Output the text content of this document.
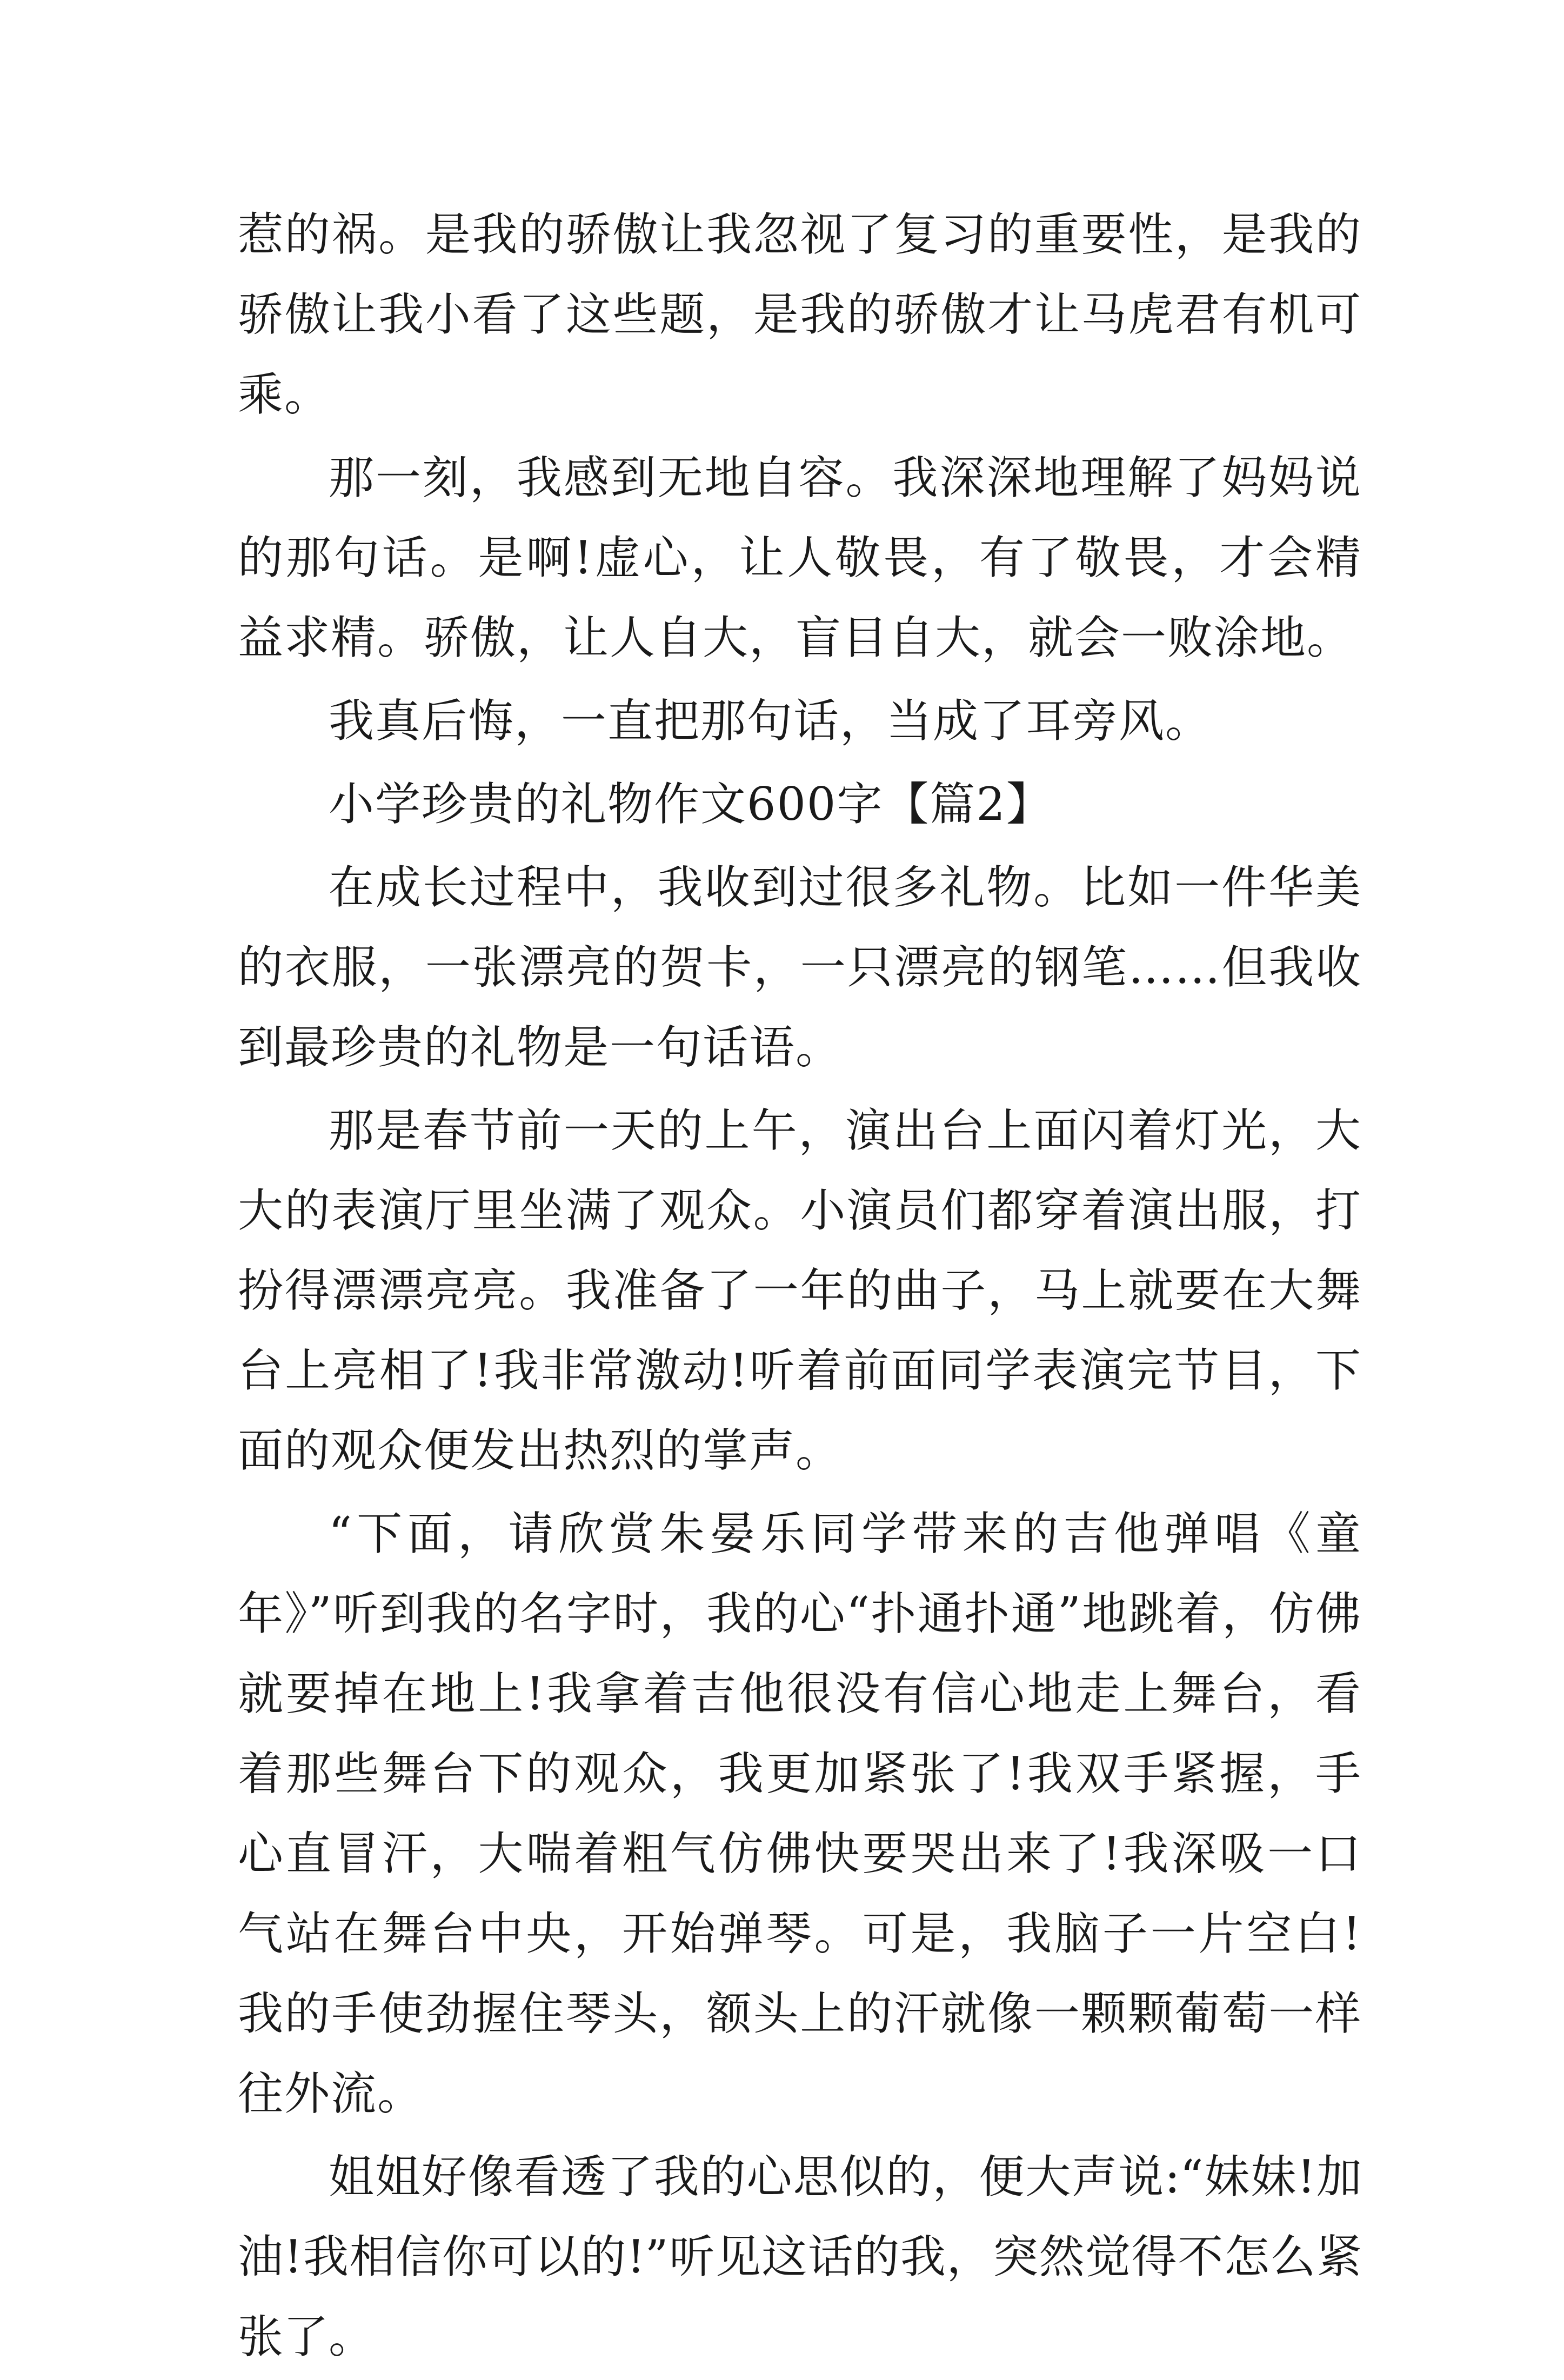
惹的祸。是我的骄傲让我忽视了复习的重要性，是我的骄傲让我小看了这些题，是我的骄傲才让马虎君有机可乘。

那一刻，我感到无地自容。我深深地理解了妈妈说的那句话。是啊!虚心，让人敬畏，有了敬畏，才会精益求精。骄傲，让人自大，盲目自大，就会一败涂地。

我真后悔，一直把那句话，当成了耳旁风。

小学珍贵的礼物作文600字【篇2】

在成长过程中，我收到过很多礼物。比如一件华美的衣服，一张漂亮的贺卡，一只漂亮的钢笔……但我收到最珍贵的礼物是一句话语。

那是春节前一天的上午，演出台上面闪着灯光，大大的表演厅里坐满了观众。小演员们都穿着演出服，打扮得漂漂亮亮。我准备了一年的曲子，马上就要在大舞台上亮相了!我非常激动!听着前面同学表演完节目，下面的观众便发出热烈的掌声。

“下面，请欣赏朱晏乐同学带来的吉他弹唱《童年》”听到我的名字时，我的心“扑通扑通”地跳着，仿佛就要掉在地上!我拿着吉他很没有信心地走上舞台，看着那些舞台下的观众，我更加紧张了!我双手紧握，手心直冒汗，大喘着粗气仿佛快要哭出来了!我深吸一口气站在舞台中央，开始弹琴。可是，我脑子一片空白!我的手使劲握住琴头，额头上的汗就像一颗颗葡萄一样往外流。

姐姐好像看透了我的心思似的，便大声说:“妹妹!加油!我相信你可以的!”听见这话的我，突然觉得不怎么紧张了。
